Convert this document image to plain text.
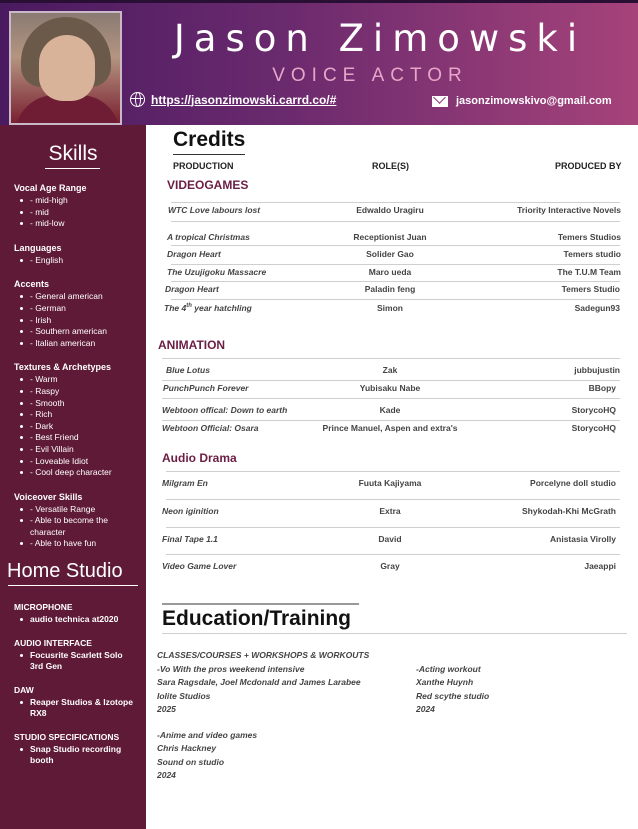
Jason Zimowski
VOICE ACTOR
https://jasonzimowski.carrd.co/#	jasonzimowskivo@gmail.com
Skills
Vocal Age Range
- mid-high
- mid
- mid-low
Languages
- English
Accents
- General american
- German
- Irish
- Southern american
- Italian american
Textures & Archetypes
- Warm
- Raspy
- Smooth
- Rich
- Dark
- Best Friend
- Evil Villain
- Loveable Idiot
- Cool deep character
Voiceover Skills
- Versatile Range
- Able to become the character
- Able to have fun
Home Studio
MICROPHONE
audio technica at2020
AUDIO INTERFACE
Focusrite Scarlett Solo 3rd Gen
DAW
Reaper Studios & Izotope RX8
STUDIO SPECIFICATIONS
Snap Studio recording booth
Credits
PRODUCTION	ROLE(S)	PRODUCED BY
VIDEOGAMES
WTC Love labours lost	Edwaldo Uragiru	Triority Interactive Novels
A tropical Christmas	Receptionist Juan	Temers Studios
Dragon Heart	Solider Gao	Temers studio
The Uzujigoku Massacre	Maro ueda	The T.U.M Team
Dragon Heart	Paladin feng	Temers Studio
The 4th year hatchling	Simon	Sadegun93
ANIMATION
Blue Lotus	Zak	jubbujustin
PunchPunch Forever	Yubisaku Nabe	BBopy
Webtoon offical: Down to earth	Kade	StorycoHQ
Webtoon Official: Osara	Prince Manuel, Aspen and extra's	StorycoHQ
Audio Drama
Milgram En	Fuuta Kajiyama	Porcelyne doll studio
Neon iginition	Extra	Shykodah-Khi McGrath
Final Tape 1.1	David	Anistasia Virolly
Video Game Lover	Gray	Jaeappi
Education/Training
CLASSES/COURSES + WORKSHOPS & WORKOUTS
-Vo With the pros weekend intensive
Sara Ragsdale, Joel Mcdonald and James Larabee
Iolite Studios
2025
-Acting workout
Xanthe Huynh
Red scythe studio
2024
-Anime and video games
Chris Hackney
Sound on studio
2024
